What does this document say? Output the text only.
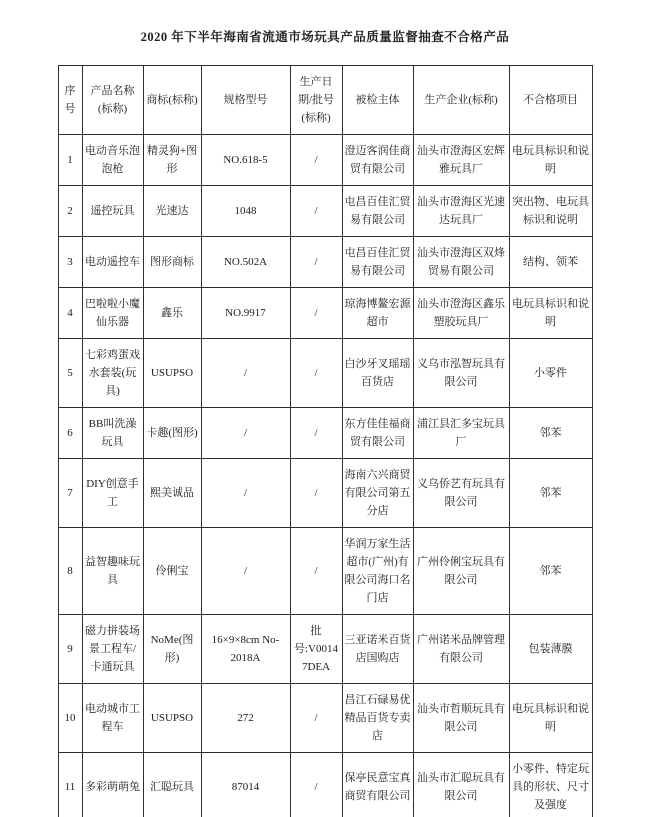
2020 年下半年海南省流通市场玩具产品质量监督抽查不合格产品
序号	产品名称(标称)	商标(标称)	规格型号	生产日期/批号(标称)	被检主体	生产企业(标称)	不合格项目
1	电动音乐泡泡枪	精灵狗+图形	NO.618-5	/	澄迈客润佳商贸有限公司	汕头市澄海区宏辉雅玩具厂	电玩具标识和说明
2	遥控玩具	光速达	1048	/	屯昌百佳汇贸易有限公司	汕头市澄海区光速达玩具厂	突出物、电玩具标识和说明
3	电动遥控车	图形商标	NO.502A	/	屯昌百佳汇贸易有限公司	汕头市澄海区双烽贸易有限公司	结构、领苯
4	巴啦啦小魔仙乐器	鑫乐	NO.9917	/	琼海博鳌宏源超市	汕头市澄海区鑫乐塑胶玩具厂	电玩具标识和说明
5	七彩鸡蛋戏水套装(玩具)	USUPSO	/	/	白沙牙叉瑶瑶百货店	义乌市泓智玩具有限公司	小零件
6	BB叫洗澡玩具	卡趣(图形)	/	/	东方佳佳福商贸有限公司	浦江县汇多宝玩具厂	邻苯
7	DIY创意手工	熙美诚品	/	/	海南六兴商贸有限公司第五分店	义乌侨艺有玩具有限公司	邻苯
8	益智趣味玩具	伶俐宝	/	/	华润万家生活超市(广州)有限公司海口名门店	广州伶俐宝玩具有限公司	邻苯
9	磁力拼装场景工程车/卡通玩具	NoMe(图形)	16×9×8cm No-2018A	批号:V00147DEA	三亚诺米百货店国购店	广州诺米品牌管理有限公司	包装薄膜
10	电动城市工程车	USUPSO	272	/	昌江石碌易优精品百货专卖店	汕头市哲顺玩具有限公司	电玩具标识和说明
11	多彩萌萌兔	汇聪玩具	87014	/	保亭民意宝真商贸有限公司	汕头市汇聪玩具有限公司	小零件、特定玩具的形状、尺寸及强度
